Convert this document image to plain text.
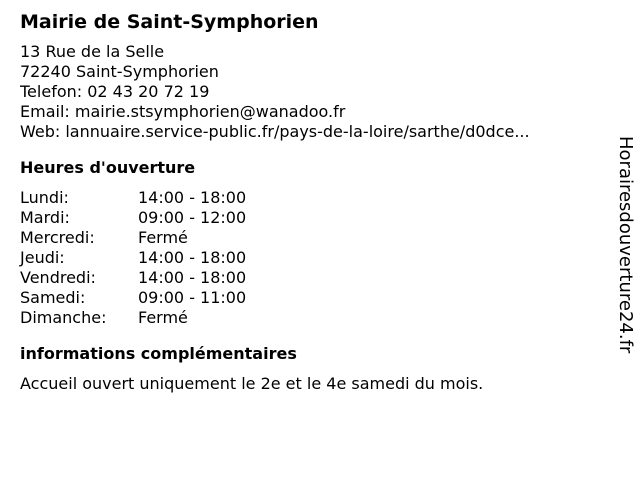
Mairie de Saint-Symphorien
13 Rue de la Selle
72240 Saint-Symphorien
Telefon: 02 43 20 72 19
Email: mairie.stsymphorien@wanadoo.fr
Web: lannuaire.service-public.fr/pays-de-la-loire/sarthe/d0dce...
Heures d'ouverture
Lundi:	14:00 - 18:00
Mardi:	09:00 - 12:00
Mercredi:	Fermé
Jeudi:	14:00 - 18:00
Vendredi:	14:00 - 18:00
Samedi:	09:00 - 11:00
Dimanche:	Fermé
informations complémentaires
Accueil ouvert uniquement le 2e et le 4e samedi du mois.
Horairesdouverture24.fr
